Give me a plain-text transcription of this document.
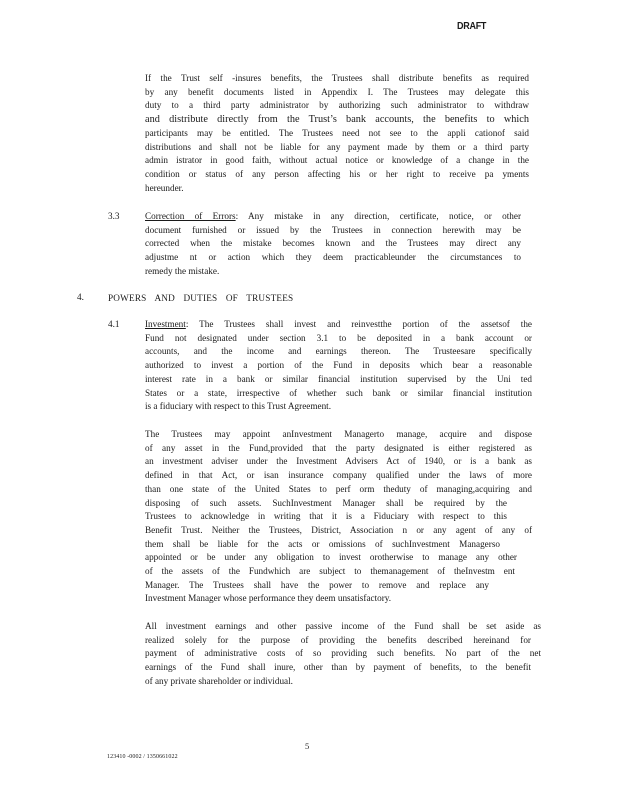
DRAFT
If the Trust self -insures benefits, the Trustees shall distribute benefits as required
by any benefit documents listed in Appendix I. The Trustees may delegate this
duty to a third party administrator by authorizing such administrator to withdraw
and distribute directly from the Trust’s bank accounts, the benefits to which
participants may be entitled. The Trustees need not see to the appli cationof said
distributions and shall not be liable for any payment made by them or a third party
admin istrator in good faith, without actual notice or knowledge of a change in the
condition or status of any person affecting his or her right to receive pa yments
hereunder.
3.3	Correction of Errors: Any mistake in any direction, certificate, notice, or other
document furnished or issued by the Trustees in connection herewith may be
corrected when the mistake becomes known and the Trustees may direct any
adjustme nt or action which they deem practicableunder the circumstances to
remedy the mistake.
4.	POWERS AND DUTIES OF TRUSTEES
4.1	Investment: The Trustees shall invest and reinvestthe portion of the assetsof the
Fund not designated under section 3.1 to be deposited in a bank account or
accounts, and the income and earnings thereon. The Trusteesare specifically
authorized to invest a portion of the Fund in deposits which bear a reasonable
interest rate in a bank or similar financial institution supervised by the Uni ted
States or a state, irrespective of whether such bank or similar financial institution
is a fiduciary with respect to this Trust Agreement.
The Trustees may appoint anInvestment Managerto manage, acquire and dispose
of any asset in the Fund,provided that the party designated is either registered as
an investment adviser under the Investment Advisers Act of 1940, or is a bank as
defined in that Act, or isan insurance company qualified under the laws of more
than one state of the United States to perf orm theduty of managing,acquiring and
disposing of such assets. SuchInvestment Manager shall be required by the
Trustees to acknowledge in writing that it is a Fiduciary with respect to this
Benefit Trust. Neither the Trustees, District, Association n or any agent of any of
them shall be liable for the acts or omissions of suchInvestment Managerso
appointed or be under any obligation to invest orotherwise to manage any other
of the assets of the Fundwhich are subject to themanagement of theInvestm ent
Manager. The Trustees shall have the power to remove and replace any
Investment Manager whose performance they deem unsatisfactory.
All investment earnings and other passive income of the Fund shall be set aside as
realized solely for the purpose of providing the benefits described hereinand for
payment of administrative costs of so providing such benefits. No part of the net
earnings of the Fund shall inure, other than by payment of benefits, to the benefit
of any private shareholder or individual.
5
123410 -0002 / 1350661022
